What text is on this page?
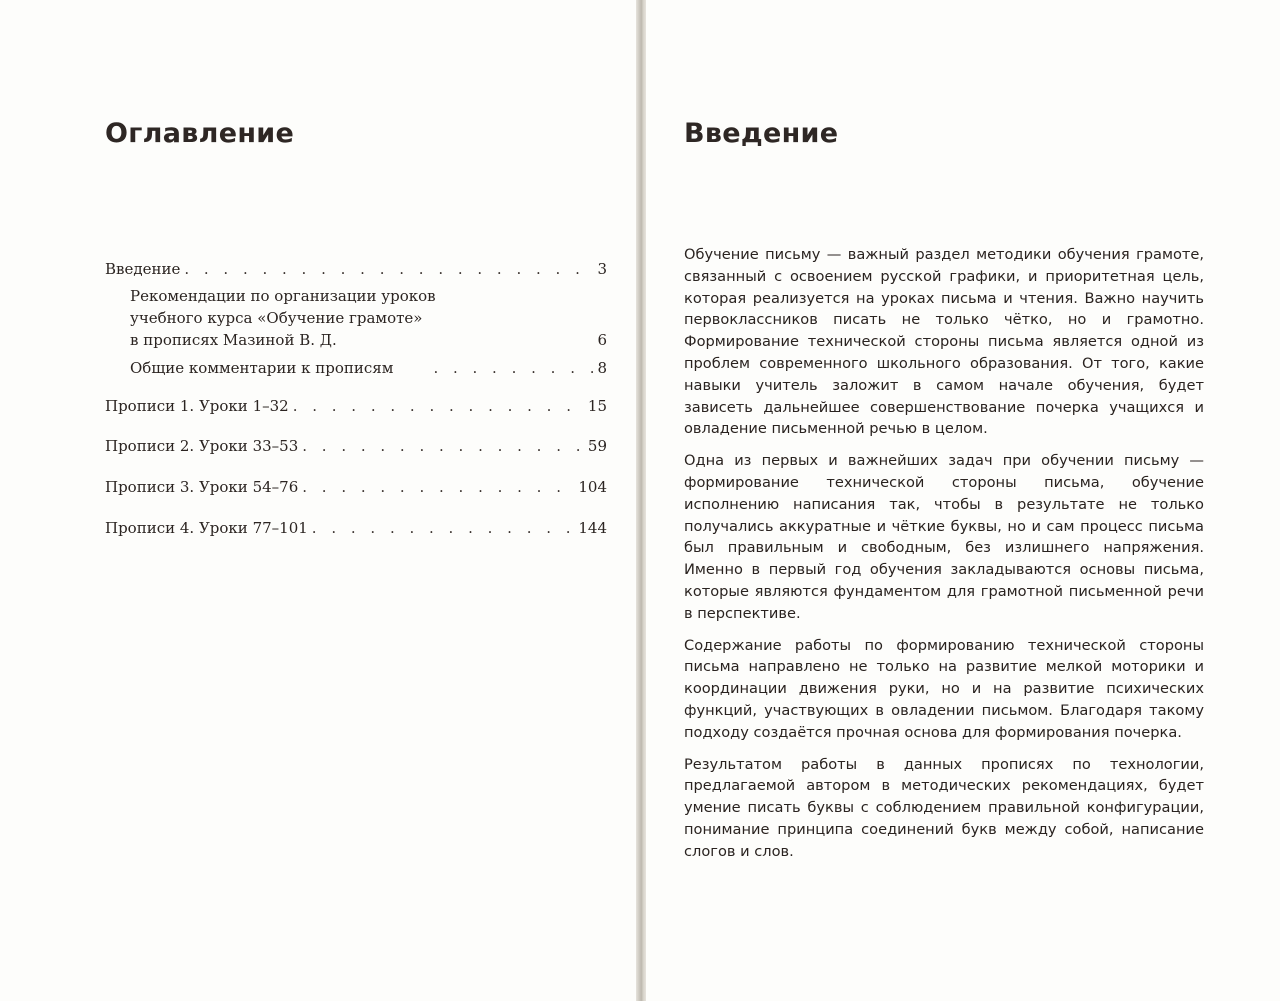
Оглавление
Введение . . .	3
Рекомендации по организации уроков
учебного курса «Обучение грамоте»
в прописях Мазиной В. Д.	6
Общие комментарии к прописям . . .	8
Прописи 1. Уроки 1–32 . . .	15
Прописи 2. Уроки 33–53 . . .	59
Прописи 3. Уроки 54–76 . . .	104
Прописи 4. Уроки 77–101 . . .	144
Введение

Обучение письму — важный раздел методики обучения грамоте, связанный с освоением русской графики, и приоритетная цель, которая реализуется на уроках письма и чтения. Важно научить первоклассников писать не только чётко, но и грамотно. Формирование технической стороны письма является одной из проблем современного школьного образования. От того, какие навыки учитель заложит в самом начале обучения, будет зависеть дальнейшее совершенствование почерка учащихся и овладение письменной речью в целом.

Одна из первых и важнейших задач при обучении письму — формирование технической стороны письма, обучение исполнению написания так, чтобы в результате не только получались аккуратные и чёткие буквы, но и сам процесс письма был правильным и свободным, без излишнего напряжения. Именно в первый год обучения закладываются основы письма, которые являются фундаментом для грамотной письменной речи в перспективе.

Содержание работы по формированию технической стороны письма направлено не только на развитие мелкой моторики и координации движения руки, но и на развитие психических функций, участвующих в овладении письмом. Благодаря такому подходу создаётся прочная основа для формирования почерка.

Результатом работы в данных прописях по технологии, предлагаемой автором в методических рекомендациях, будет умение писать буквы с соблюдением правильной конфигурации, понимание принципа соединений букв между собой, написание слогов и слов.
